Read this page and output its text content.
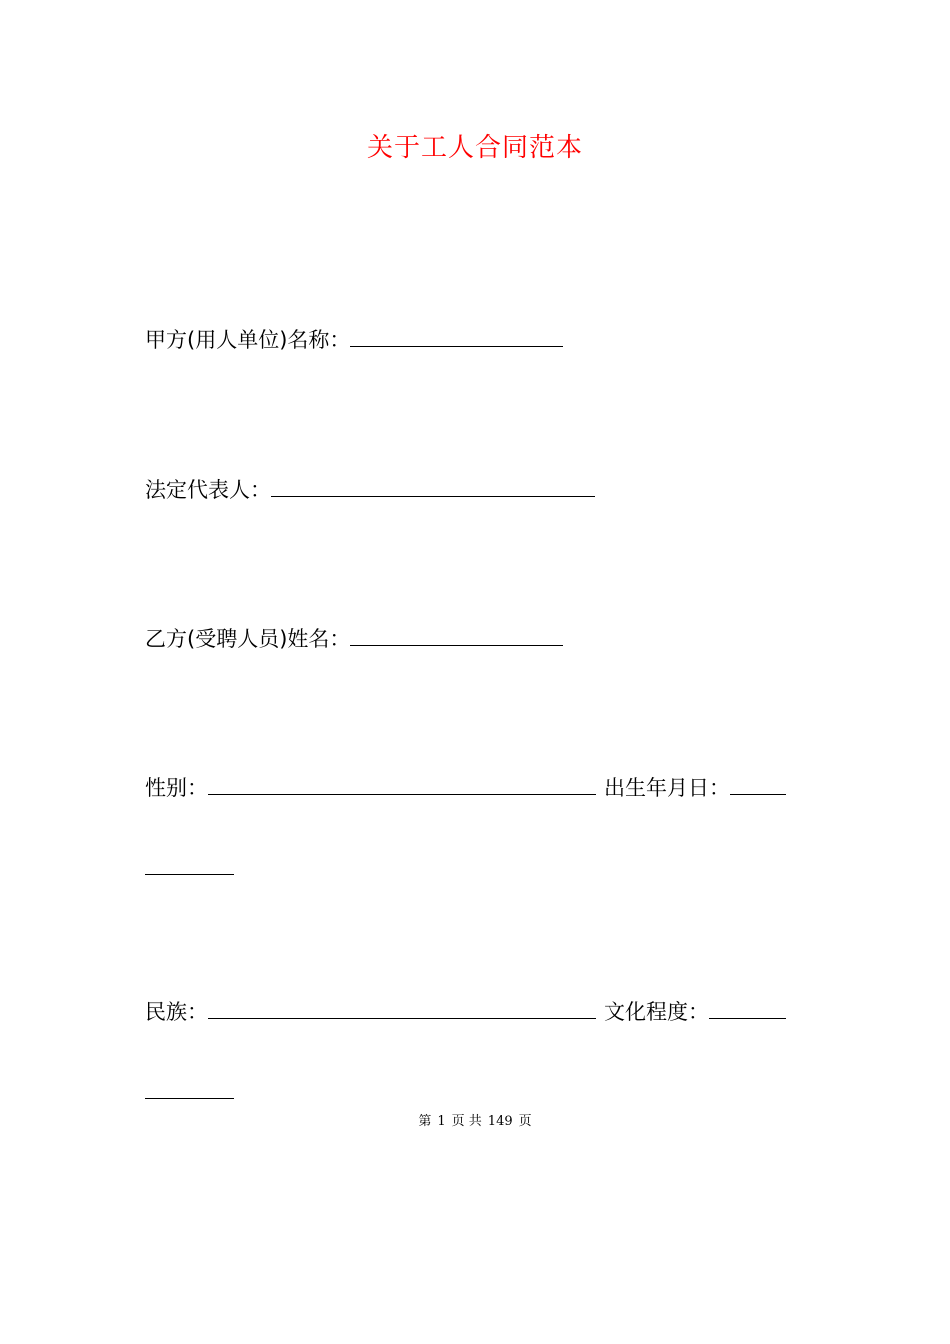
关于工人合同范本
甲方(用人单位)名称：
法定代表人：
乙方(受聘人员)姓名：
性别：	出生年月日：
民族：	文化程度：
第 1 页 共 149 页
